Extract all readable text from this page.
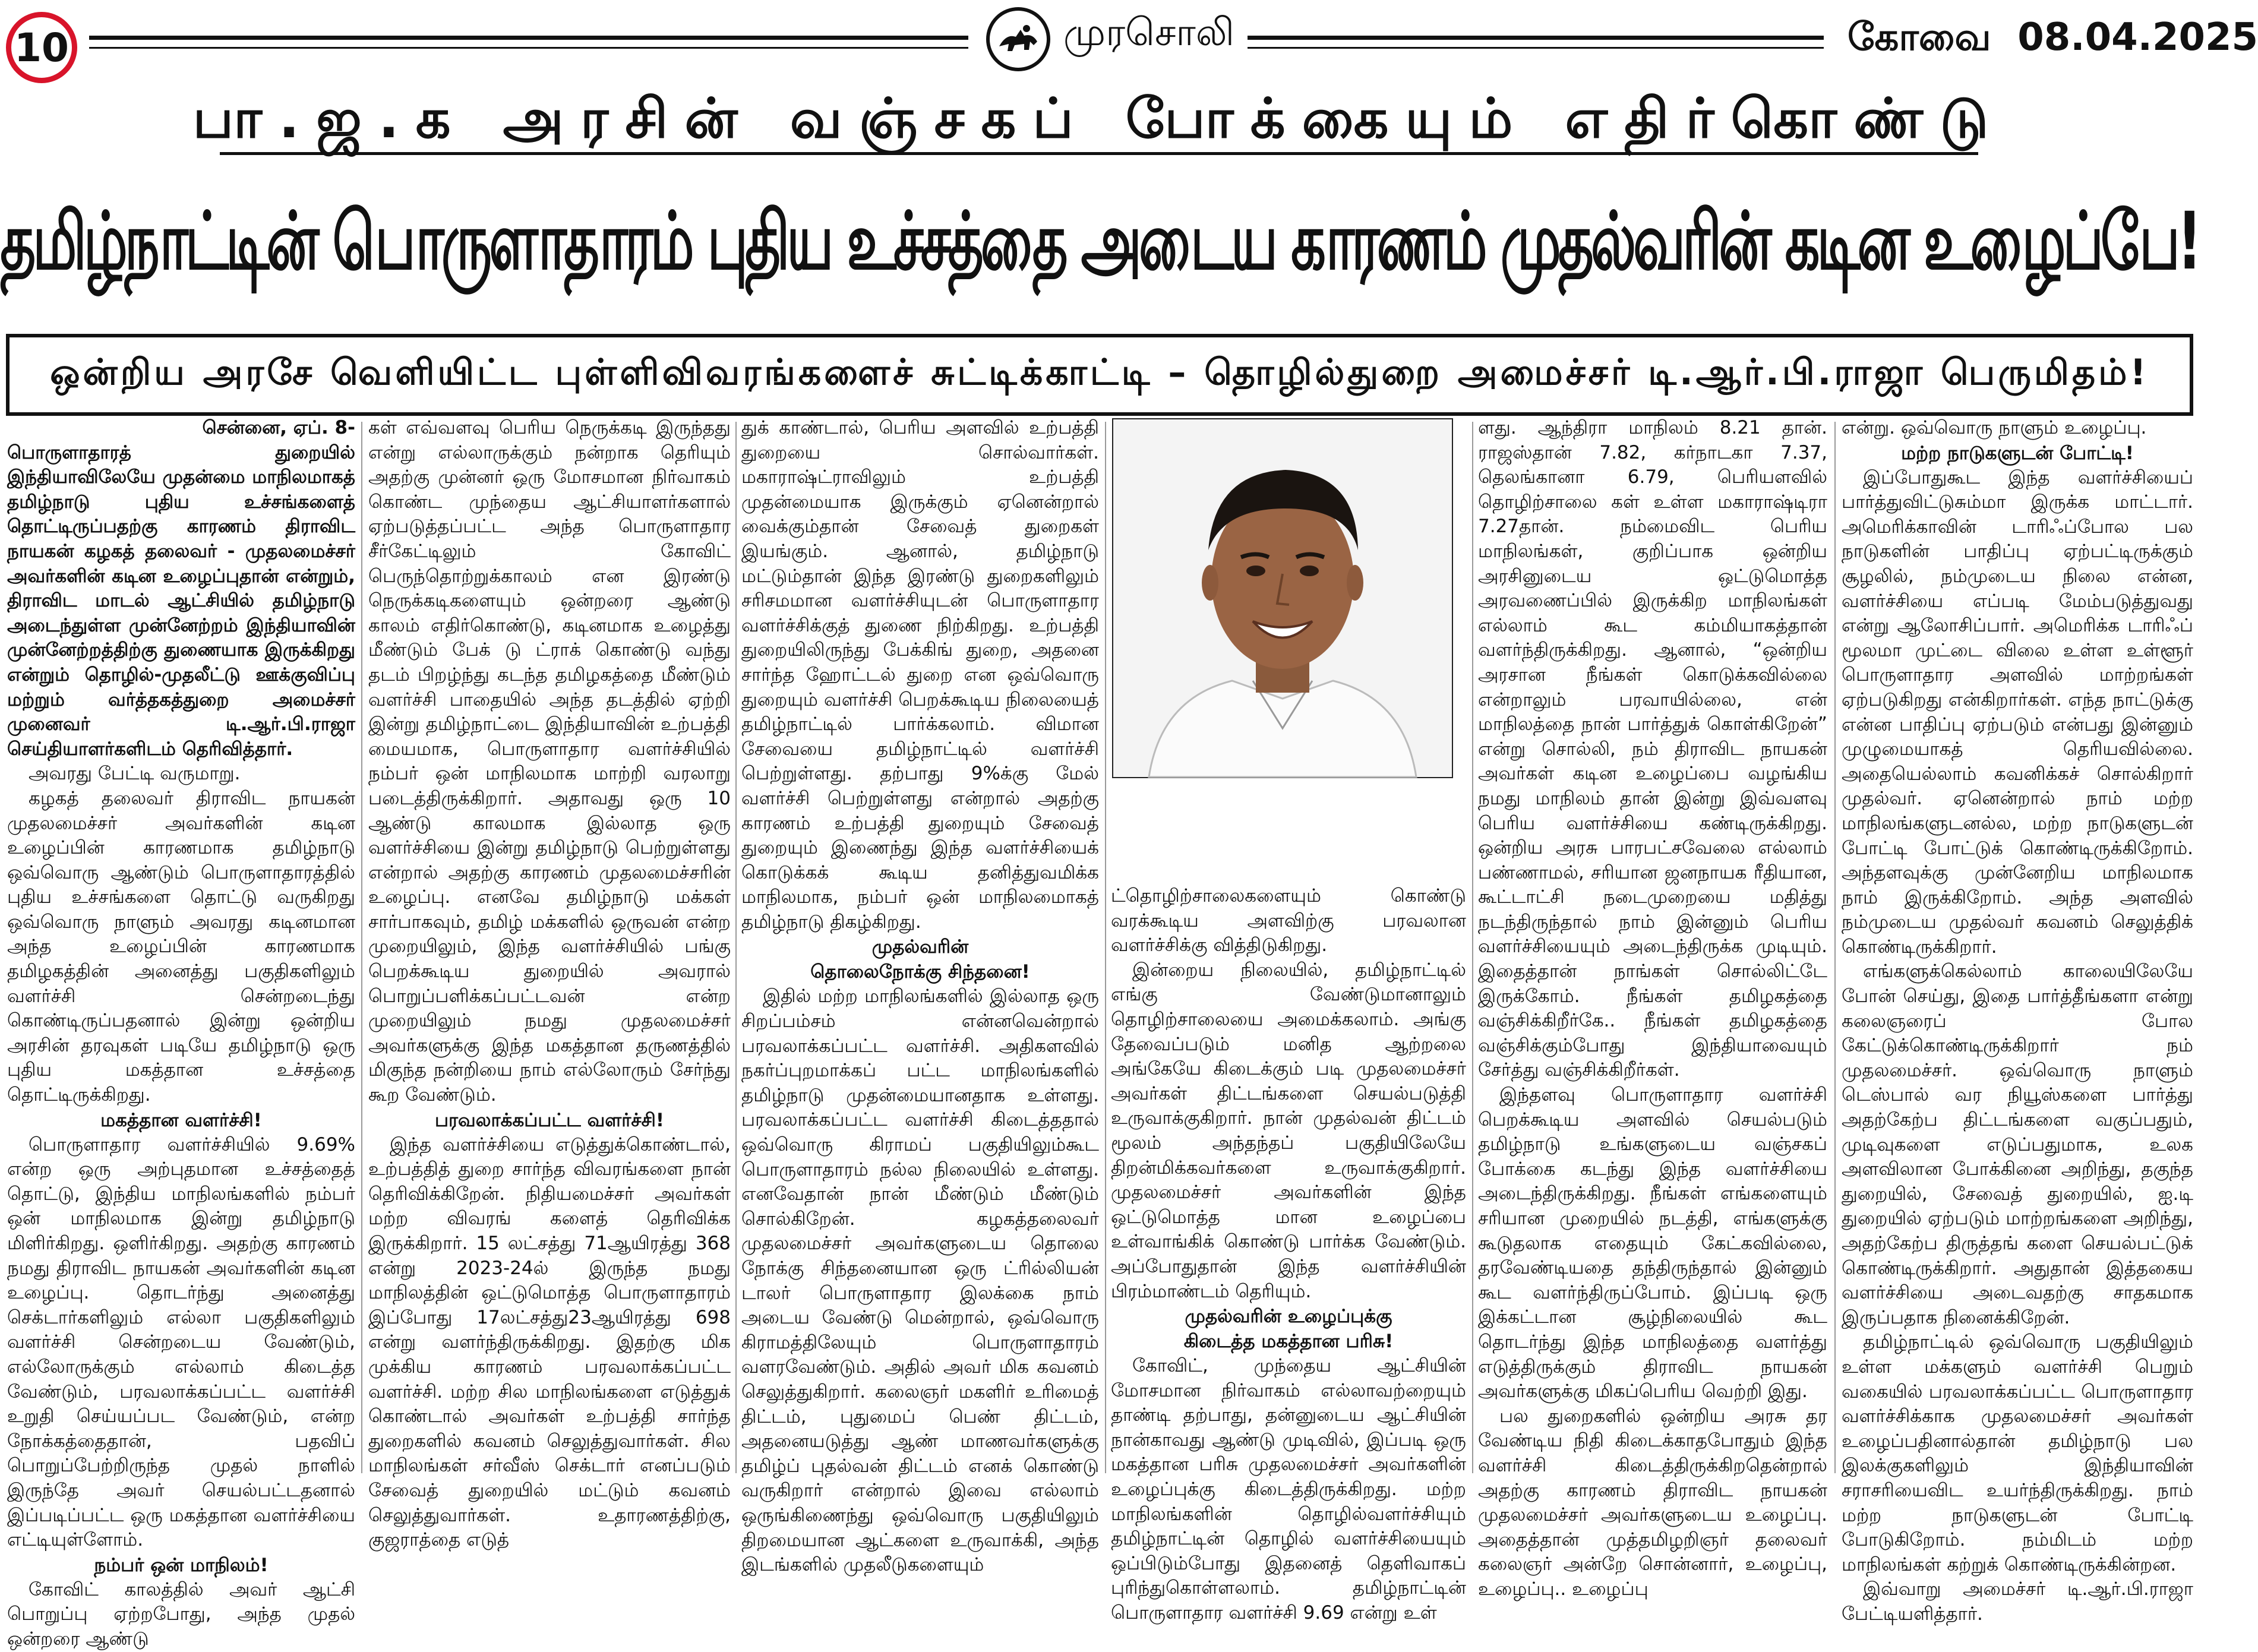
10	முரசொலி	கோவை 08.04.2025
பா.ஜ.க அரசின் வஞ்சகப் போக்கையும் எதிர்கொண்டு
தமிழ்நாட்டின் பொருளாதாரம் புதிய உச்சத்தை அடைய காரணம் முதல்வரின் கடின உழைப்பே!
ஒன்றிய அரசே வெளியிட்ட புள்ளிவிவரங்களைச் சுட்டிக்காட்டி – தொழில்துறை அமைச்சர் டி.ஆர்.பி.ராஜா பெருமிதம்!

சென்னை, ஏப். 8-

பொருளாதாரத் துறையில் இந்தியாவிலேயே முதன்மை மாநிலமாகத் தமிழ்நாடு புதிய உச்சங்களைத் தொட்டிருப்பதற்கு காரணம் திராவிட நாயகன் கழகத் தலைவர் - முதலமைச்சர் அவர்களின் கடின உழைப்புதான் என்றும், திராவிட மாடல் ஆட்சியில் தமிழ்நாடு அடைந்துள்ள முன்னேற்றம் இந்தியாவின் முன்னேற்றத்திற்கு துணையாக இருக்கிறது என்றும் தொழில்-முதலீட்டு ஊக்குவிப்பு மற்றும் வர்த்தகத்துறை அமைச்சர் முனைவர் டி.ஆர்.பி.ராஜா செய்தியாளர்களிடம் தெரிவித்தார்.

அவரது பேட்டி வருமாறு.

கழகத் தலைவர் திராவிட நாயகன் முதலமைச்சர் அவர்களின் கடின உழைப்பின் காரணமாக தமிழ்நாடு ஒவ்வொரு ஆண்டும் பொருளாதாரத்தில் புதிய உச்சங்களை தொட்டு வருகிறது ஒவ்வொரு நாளும் அவரது கடினமான அந்த உழைப்பின் காரணமாக தமிழகத்தின் அனைத்து பகுதிகளிலும் வளர்ச்சி சென்றடைந்து கொண்டிருப்பதனால் இன்று ஒன்றிய அரசின் தரவுகள் படியே தமிழ்நாடு ஒரு புதிய மகத்தான உச்சத்தை தொட்டிருக்கிறது.

மகத்தான வளர்ச்சி!

பொருளாதார வளர்ச்சியில் 9.69% என்ற ஒரு அற்புதமான உச்சத்தைத் தொட்டு, இந்திய மாநிலங்களில் நம்பர் ஒன் மாநிலமாக இன்று தமிழ்நாடு மிளிர்கிறது. ஒளிர்கிறது. அதற்கு காரணம் நமது திராவிட நாயகன் அவர்களின் கடின உழைப்பு. தொடர்ந்து அனைத்து செக்டார்களிலும் எல்லா பகுதிகளிலும் வளர்ச்சி சென்றடைய வேண்டும், எல்லோருக்கும் எல்லாம் கிடைத்த வேண்டும், பரவலாக்கப்பட்ட வளர்ச்சி உறுதி செய்யப்பட வேண்டும், என்ற நோக்கத்தைதான், பதவிப் பொறுப்பேற்றிருந்த முதல் நாளில் இருந்தே அவர் செயல்பட்டதனால் இப்படிப்பட்ட ஒரு மகத்தான வளர்ச்சியை எட்டியுள்ளோம்.

நம்பர் ஒன் மாநிலம்!

கோவிட் காலத்தில் அவர் ஆட்சி பொறுப்பு ஏற்றபோது, அந்த முதல் ஒன்றரை ஆண்டு

கள் எவ்வளவு பெரிய நெருக்கடி இருந்தது என்று எல்லாருக்கும் நன்றாக தெரியும் அதற்கு முன்னர் ஒரு மோசமான நிர்வாகம் கொண்ட முந்தைய ஆட்சியாளர்களால் ஏற்படுத்தப்பட்ட அந்த பொருளாதார சீர்கேட்டிலும் கோவிட் பெருந்தொற்றுக்காலம் என இரண்டு நெருக்கடிகளையும் ஒன்றரை ஆண்டு காலம் எதிர்கொண்டு, கடினமாக உழைத்து மீண்டும் பேக் டு ட்ராக் கொண்டு வந்து தடம் பிறழ்ந்து கடந்த தமிழகத்தை மீண்டும் வளர்ச்சி பாதையில் அந்த தடத்தில் ஏற்றி இன்று தமிழ்நாட்டை இந்தியாவின் உற்பத்தி மையமாக, பொருளாதார வளர்ச்சியில் நம்பர் ஒன் மாநிலமாக மாற்றி வரலாறு படைத்திருக்கிறார். அதாவது ஒரு 10 ஆண்டு காலமாக இல்லாத ஒரு வளர்ச்சியை இன்று தமிழ்நாடு பெற்றுள்ளது என்றால் அதற்கு காரணம் முதலமைச்சரின் உழைப்பு. எனவே தமிழ்நாடு மக்கள் சார்பாகவும், தமிழ் மக்களில் ஒருவன் என்ற முறையிலும், இந்த வளர்ச்சியில் பங்கு பெறக்கூடிய துறையில் அவரால் பொறுப்பளிக்கப்பட்டவன் என்ற முறையிலும் நமது முதலமைச்சர் அவர்களுக்கு இந்த மகத்தான தருணத்தில் மிகுந்த நன்றியை நாம் எல்லோரும் சேர்ந்து கூற வேண்டும்.

பரவலாக்கப்பட்ட வளர்ச்சி!

இந்த வளர்ச்சியை எடுத்துக்கொண்டால், உற்பத்தித் துறை சார்ந்த விவரங்களை நான் தெரிவிக்கிறேன். நிதியமைச்சர் அவர்கள் மற்ற விவரங் களைத் தெரிவிக்க இருக்கிறார். 15 லட்சத்து 71ஆயிரத்து 368 என்று 2023-24ல் இருந்த நமது மாநிலத்தின் ஒட்டுமொத்த பொருளாதாரம் இப்போது 17லட்சத்து23ஆயிரத்து 698 என்று வளர்ந்திருக்கிறது. இதற்கு மிக முக்கிய காரணம் பரவலாக்கப்பட்ட வளர்ச்சி. மற்ற சில மாநிலங்களை எடுத்துக் கொண்டால் அவர்கள் உற்பத்தி சார்ந்த துறைகளில் கவனம் செலுத்துவார்கள். சில மாநிலங்கள் சர்வீஸ் செக்டார் எனப்படும் சேவைத் துறையில் மட்டும் கவனம் செலுத்துவார்கள். உதாரணத்திற்கு, குஜராத்தை எடுத்

துக் காண்டால், பெரிய அளவில் உற்பத்தி துறையை சொல்வார்கள். மகாராஷ்ட்ராவிலும் உற்பத்தி முதன்மையாக இருக்கும் ஏனென்றால் வைக்கும்தான் சேவைத் துறைகள் இயங்கும். ஆனால், தமிழ்நாடு மட்டும்தான் இந்த இரண்டு துறைகளிலும் சரிசமமான வளர்ச்சியுடன் பொருளாதார வளர்ச்சிக்குத் துணை நிற்கிறது. உற்பத்தி துறையிலிருந்து பேக்கிங் துறை, அதனை சார்ந்த ஹோட்டல் துறை என ஒவ்வொரு துறையும் வளர்ச்சி பெறக்கூடிய நிலையைத் தமிழ்நாட்டில் பார்க்கலாம். விமான சேவையை தமிழ்நாட்டில் வளர்ச்சி பெற்றுள்ளது. தற்பாது 9%க்கு மேல் வளர்ச்சி பெற்றுள்ளது என்றால் அதற்கு காரணம் உற்பத்தி துறையும் சேவைத் துறையும் இணைந்து இந்த வளர்ச்சியைக் கொடுக்கக் கூடிய தனித்துவமிக்க மாநிலமாக, நம்பர் ஒன் மாநிலமைாகத் தமிழ்நாடு திகழ்கிறது.

முதல்வரின்
தொலைநோக்கு சிந்தனை!

இதில் மற்ற மாநிலங்களில் இல்லாத ஒரு சிறப்பம்சம் என்னவென்றால் பரவலாக்கப்பட்ட வளர்ச்சி. அதிகளவில் நகர்ப்புறமாக்கப் பட்ட மாநிலங்களில் தமிழ்நாடு முதன்மையானதாக உள்ளது. பரவலாக்கப்பட்ட வளர்ச்சி கிடைத்ததால் ஒவ்வொரு கிராமப் பகுதியிலும்கூட பொருளாதாரம் நல்ல நிலையில் உள்ளது. எனவேதான் நான் மீண்டும் மீண்டும் சொல்கிறேன். கழகத்தலைவர் முதலமைச்சர் அவர்களுடைய தொலை நோக்கு சிந்தனையான ஒரு ட்ரில்லியன் டாலர் பொருளாதார இலக்கை நாம் அடைய வேண்டு மென்றால், ஒவ்வொரு கிராமத்திலேயும் பொருளாதாரம் வளரவேண்டும். அதில் அவர் மிக கவனம் செலுத்துகிறார். கலைஞர் மகளிர் உரிமைத் திட்டம், புதுமைப் பெண் திட்டம், அதனையடுத்து ஆண் மாணவர்களுக்கு தமிழ்ப் புதல்வன் திட்டம் எனக் கொண்டு வருகிறார் என்றால் இவை எல்லாம் ஒருங்கிணைந்து ஒவ்வொரு பகுதியிலும் திறமையான ஆட்களை உருவாக்கி, அந்த இடங்களில் முதலீடுகளையும்

ட்தொழிற்சாலைகளையும் கொண்டு வரக்கூடிய அளவிற்கு பரவலான வளர்ச்சிக்கு வித்திடுகிறது.

இன்றைய நிலையில், தமிழ்நாட்டில் எங்கு வேண்டுமானாலும் தொழிற்சாலையை அமைக்கலாம். அங்கு தேவைப்படும் மனித ஆற்றலை அங்கேயே கிடைக்கும் படி முதலமைச்சர் அவர்கள் திட்டங்களை செயல்படுத்தி உருவாக்குகிறார். நான் முதல்வன் திட்டம் மூலம் அந்தந்தப் பகுதியிலேயே திறன்மிக்கவர்களை உருவாக்குகிறார். முதலமைச்சர் அவர்களின் இந்த ஒட்டுமொத்த மான உழைப்பை உள்வாங்கிக் கொண்டு பார்க்க வேண்டும். அப்போதுதான் இந்த வளர்ச்சியின் பிரம்மாண்டம் தெரியும்.

முதல்வரின் உழைப்புக்கு
கிடைத்த மகத்தான பரிசு!

கோவிட், முந்தைய ஆட்சியின் மோசமான நிர்வாகம் எல்லாவற்றையும் தாண்டி தற்பாது, தன்னுடைய ஆட்சியின் நான்காவது ஆண்டு முடிவில், இப்படி ஒரு மகத்தான பரிசு முதலமைச்சர் அவர்களின் உழைப்புக்கு கிடைத்திருக்கிறது. மற்ற மாநிலங்களின் தொழில்வளர்ச்சியும் தமிழ்நாட்டின் தொழில் வளர்ச்சியையும் ஒப்பிடும்போது இதனைத் தெளிவாகப் புரிந்துகொள்ளலாம். தமிழ்நாட்டின் பொருளாதார வளர்ச்சி 9.69 என்று உள்

ளது. ஆந்திரா மாநிலம் 8.21 தான். ராஜஸ்தான் 7.82, கர்நாடகா 7.37, தெலங்கானா 6.79, பெரியளவில் தொழிற்சாலை கள் உள்ள மகாராஷ்டிரா 7.27தான். நம்மைவிட பெரிய மாநிலங்கள், குறிப்பாக ஒன்றிய அரசினுடைய ஒட்டுமொத்த அரவணைப்பில் இருக்கிற மாநிலங்கள் எல்லாம் கூட கம்மியாகத்தான் வளர்ந்திருக்கிறது. ஆனால், “ஒன்றிய அரசான நீங்கள் கொடுக்கவில்லை என்றாலும் பரவாயில்லை, என் மாநிலத்தை நான் பார்த்துக் கொள்கிறேன்” என்று சொல்லி, நம் திராவிட நாயகன் அவர்கள் கடின உழைப்பை வழங்கிய நமது மாநிலம் தான் இன்று இவ்வளவு பெரிய வளர்ச்சியை கண்டிருக்கிறது. ஒன்றிய அரசு பாரபட்சவேலை எல்லாம் பண்ணாமல், சரியான ஜனநாயக ரீதியான, கூட்டாட்சி நடைமுறையை மதித்து நடந்திருந்தால் நாம் இன்னும் பெரிய வளர்ச்சியையும் அடைந்திருக்க முடியும். இதைத்தான் நாங்கள் சொல்லிட்டே இருக்கோம். நீங்கள் தமிழகத்தை வஞ்சிக்கிறீர்கே.. நீங்கள் தமிழகத்தை வஞ்சிக்கும்போது இந்தியாவையும் சேர்த்து வஞ்சிக்கிறீர்கள்.

இந்தளவு பொருளாதார வளர்ச்சி பெறக்கூடிய அளவில் செயல்படும் தமிழ்நாடு உங்களுடைய வஞ்சகப் போக்கை கடந்து இந்த வளர்ச்சியை அடைந்திருக்கிறது. நீங்கள் எங்களையும் சரியான முறையில் நடத்தி, எங்களுக்கு கூடுதலாக எதையும் கேட்கவில்லை, தரவேண்டியதை தந்திருந்தால் இன்னும் கூட வளர்ந்திருப்போம். இப்படி ஒரு இக்கட்டான சூழ்நிலையில் கூட தொடர்ந்து இந்த மாநிலத்தை வளர்த்து எடுத்திருக்கும் திராவிட நாயகன் அவர்களுக்கு மிகப்பெரிய வெற்றி இது.

பல துறைகளில் ஒன்றிய அரசு தர வேண்டிய நிதி கிடைக்காதபோதும் இந்த வளர்ச்சி கிடைத்திருக்கிறதென்றால் அதற்கு காரணம் திராவிட நாயகன் முதலமைச்சர் அவர்களுடைய உழைப்பு. அதைத்தான் முத்தமிழறிஞர் தலைவர் கலைஞர் அன்றே சொன்னார், உழைப்பு, உழைப்பு.. உழைப்பு

என்று. ஒவ்வொரு நாளும் உழைப்பு.

மற்ற நாடுகளுடன் போட்டி!

இப்போதுகூட இந்த வளர்ச்சியைப் பார்த்துவிட்டுசும்மா இருக்க மாட்டார். அமெரிக்காவின் டாரிஃப்போல பல நாடுகளின் பாதிப்பு ஏற்பட்டிருக்கும் சூழலில், நம்முடைய நிலை என்ன, வளர்ச்சியை எப்படி மேம்படுத்துவது என்று ஆலோசிப்பார். அமெரிக்க டாரிஃப் மூலமா முட்டை விலை உள்ள உள்ளூர் பொருளாதார அளவில் மாற்றங்கள் ஏற்படுகிறது என்கிறார்கள். எந்த நாட்டுக்கு என்ன பாதிப்பு ஏற்படும் என்பது இன்னும் முழுமையாகத் தெரியவில்லை. அதையெல்லாம் கவனிக்கச் சொல்கிறார் முதல்வர். ஏனென்றால் நாம் மற்ற மாநிலங்களுடனல்ல, மற்ற நாடுகளுடன் போட்டி போட்டுக் கொண்டிருக்கிறோம். அந்தளவுக்கு முன்னேறிய மாநிலமாக நாம் இருக்கிறோம். அந்த அளவில் நம்முடைய முதல்வர் கவனம் செலுத்திக் கொண்டிருக்கிறார்.

எங்களுக்கெல்லாம் காலையிலேயே போன் செய்து, இதை பார்த்தீங்களா என்று கலைஞரைப் போல கேட்டுக்கொண்டிருக்கிறார் நம் முதலமைச்சர். ஒவ்வொரு நாளும் டெஸ்பால் வர நியூஸ்களை பார்த்து அதற்கேற்ப திட்டங்களை வகுப்பதும், முடிவுகளை எடுப்பதுமாக, உலக அளவிலான போக்கினை அறிந்து, தகுந்த துறையில், சேவைத் துறையில், ஐ.டி துறையில் ஏற்படும் மாற்றங்களை அறிந்து, அதற்கேற்ப திருத்தங் களை செயல்பட்டுக் கொண்டிருக்கிறார். அதுதான் இத்தகைய வளர்ச்சியை அடைவதற்கு சாதகமாக இருப்பதாக நினைக்கிறேன்.

தமிழ்நாட்டில் ஒவ்வொரு பகுதியிலும் உள்ள மக்களும் வளர்ச்சி பெறும் வகையில் பரவலாக்கப்பட்ட பொருளாதார வளர்ச்சிக்காக முதலமைச்சர் அவர்கள் உழைப்பதினால்தான் தமிழ்நாடு பல இலக்குகளிலும் இந்தியாவின் சராசரியைவிட உயர்ந்திருக்கிறது. நாம் மற்ற நாடுகளுடன் போட்டி போடுகிறோம். நம்மிடம் மற்ற மாநிலங்கள் கற்றுக் கொண்டிருக்கின்றன.

இவ்வாறு அமைச்சர் டி.ஆர்.பி.ராஜா பேட்டியளித்தார்.
